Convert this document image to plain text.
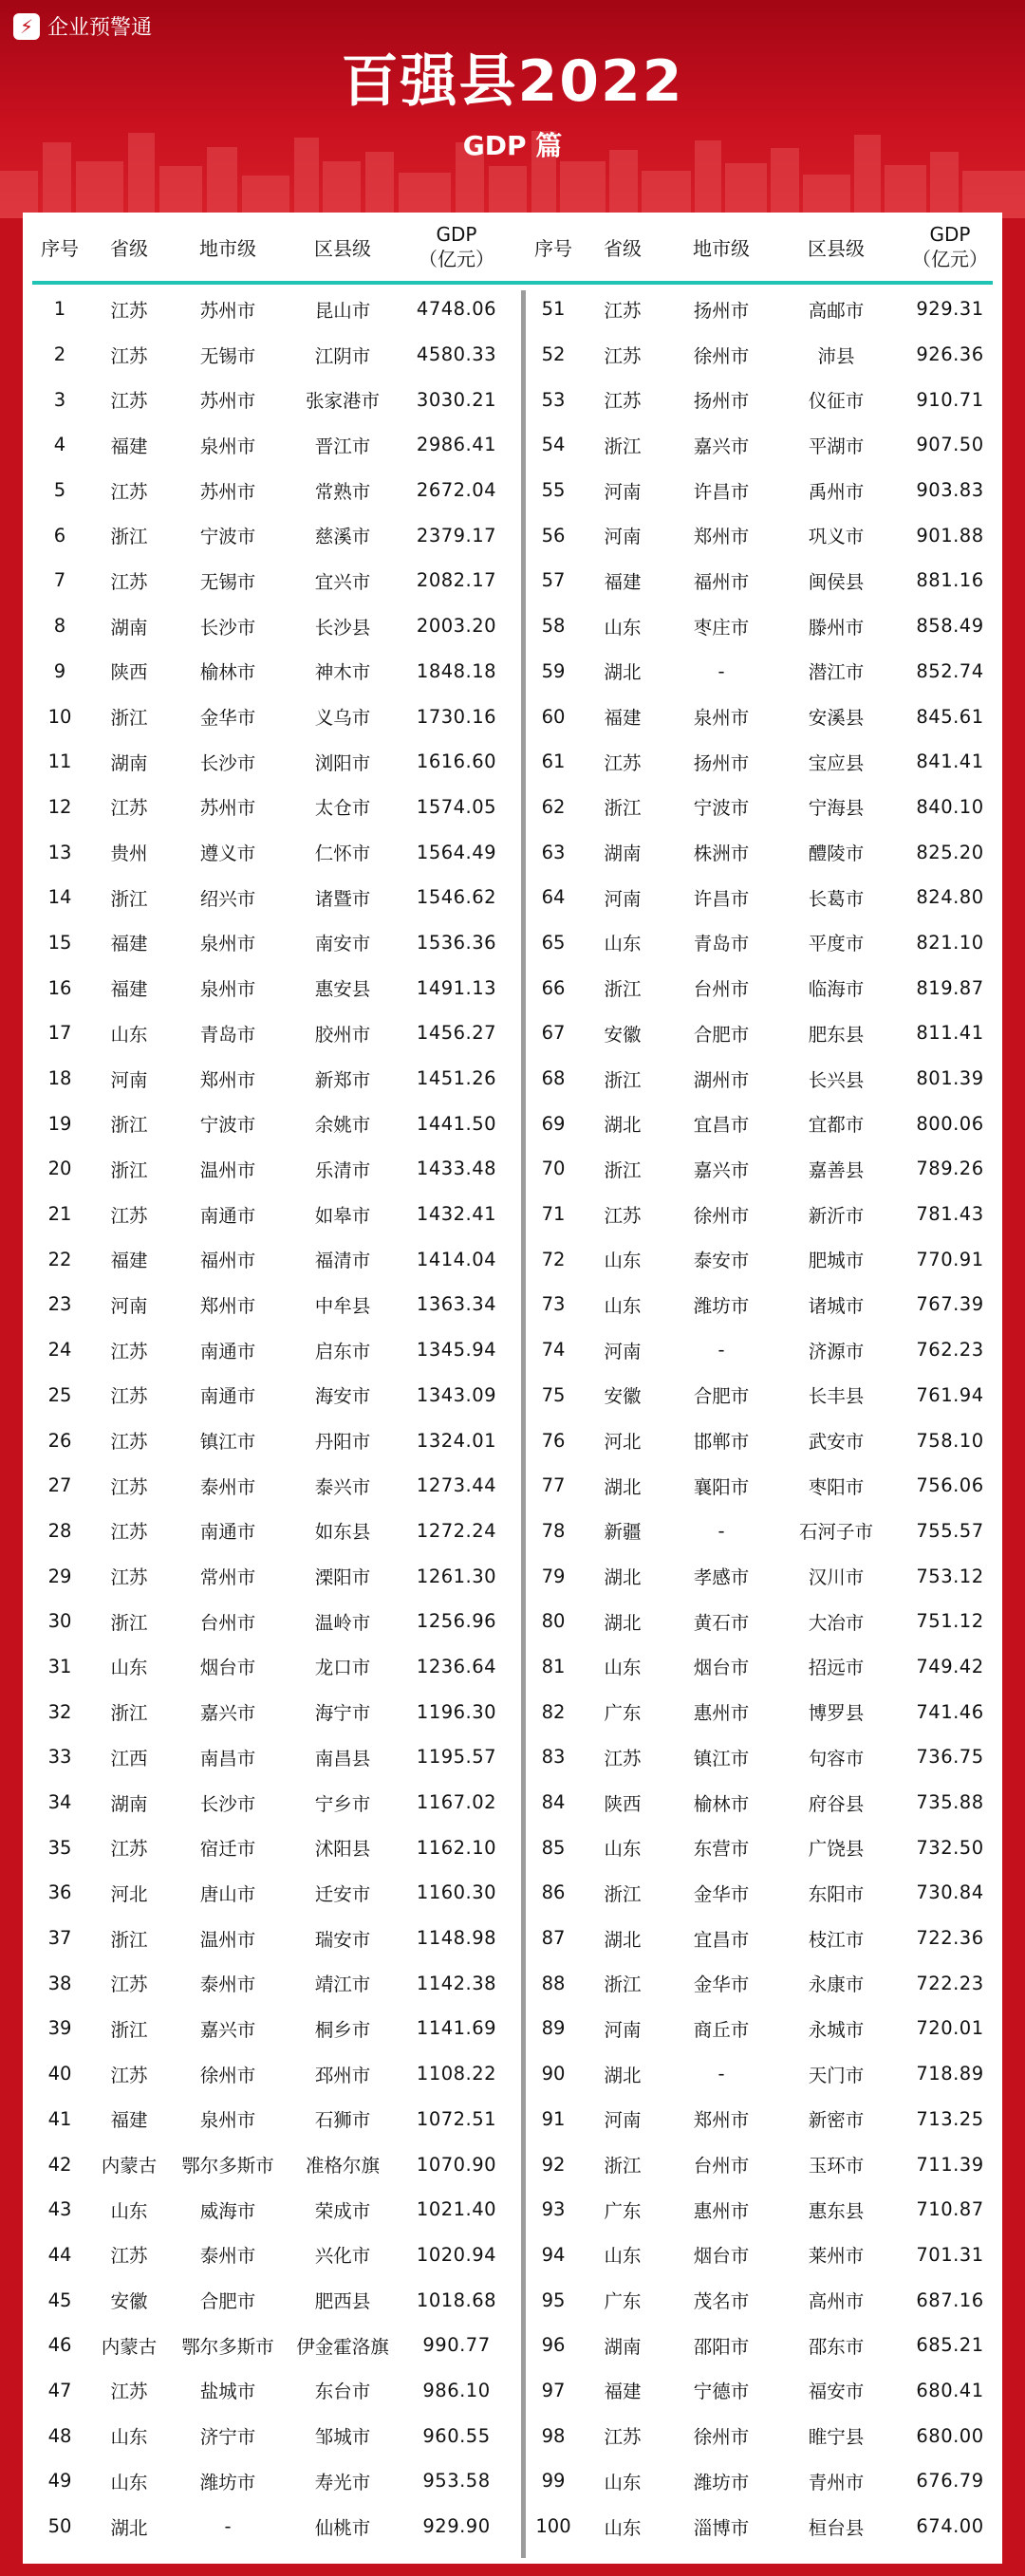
⚡ 企业预警通
百强县2022
GDP 篇
序号	省级	地市级	区县级
GDP
（亿元）
1	江苏	苏州市	昆山市	4748.06
2	江苏	无锡市	江阴市	4580.33
3	江苏	苏州市	张家港市	3030.21
4	福建	泉州市	晋江市	2986.41
5	江苏	苏州市	常熟市	2672.04
6	浙江	宁波市	慈溪市	2379.17
7	江苏	无锡市	宜兴市	2082.17
8	湖南	长沙市	长沙县	2003.20
9	陕西	榆林市	神木市	1848.18
10	浙江	金华市	义乌市	1730.16
11	湖南	长沙市	浏阳市	1616.60
12	江苏	苏州市	太仓市	1574.05
13	贵州	遵义市	仁怀市	1564.49
14	浙江	绍兴市	诸暨市	1546.62
15	福建	泉州市	南安市	1536.36
16	福建	泉州市	惠安县	1491.13
17	山东	青岛市	胶州市	1456.27
18	河南	郑州市	新郑市	1451.26
19	浙江	宁波市	余姚市	1441.50
20	浙江	温州市	乐清市	1433.48
21	江苏	南通市	如皋市	1432.41
22	福建	福州市	福清市	1414.04
23	河南	郑州市	中牟县	1363.34
24	江苏	南通市	启东市	1345.94
25	江苏	南通市	海安市	1343.09
26	江苏	镇江市	丹阳市	1324.01
27	江苏	泰州市	泰兴市	1273.44
28	江苏	南通市	如东县	1272.24
29	江苏	常州市	溧阳市	1261.30
30	浙江	台州市	温岭市	1256.96
31	山东	烟台市	龙口市	1236.64
32	浙江	嘉兴市	海宁市	1196.30
33	江西	南昌市	南昌县	1195.57
34	湖南	长沙市	宁乡市	1167.02
35	江苏	宿迁市	沭阳县	1162.10
36	河北	唐山市	迁安市	1160.30
37	浙江	温州市	瑞安市	1148.98
38	江苏	泰州市	靖江市	1142.38
39	浙江	嘉兴市	桐乡市	1141.69
40	江苏	徐州市	邳州市	1108.22
41	福建	泉州市	石狮市	1072.51
42	内蒙古	鄂尔多斯市	准格尔旗	1070.90
43	山东	威海市	荣成市	1021.40
44	江苏	泰州市	兴化市	1020.94
45	安徽	合肥市	肥西县	1018.68
46	内蒙古	鄂尔多斯市	伊金霍洛旗	990.77
47	江苏	盐城市	东台市	986.10
48	山东	济宁市	邹城市	960.55
49	山东	潍坊市	寿光市	953.58
50	湖北	-	仙桃市	929.90
序号	省级	地市级	区县级
GDP
（亿元）
51	江苏	扬州市	高邮市	929.31
52	江苏	徐州市	沛县	926.36
53	江苏	扬州市	仪征市	910.71
54	浙江	嘉兴市	平湖市	907.50
55	河南	许昌市	禹州市	903.83
56	河南	郑州市	巩义市	901.88
57	福建	福州市	闽侯县	881.16
58	山东	枣庄市	滕州市	858.49
59	湖北	-	潜江市	852.74
60	福建	泉州市	安溪县	845.61
61	江苏	扬州市	宝应县	841.41
62	浙江	宁波市	宁海县	840.10
63	湖南	株洲市	醴陵市	825.20
64	河南	许昌市	长葛市	824.80
65	山东	青岛市	平度市	821.10
66	浙江	台州市	临海市	819.87
67	安徽	合肥市	肥东县	811.41
68	浙江	湖州市	长兴县	801.39
69	湖北	宜昌市	宜都市	800.06
70	浙江	嘉兴市	嘉善县	789.26
71	江苏	徐州市	新沂市	781.43
72	山东	泰安市	肥城市	770.91
73	山东	潍坊市	诸城市	767.39
74	河南	-	济源市	762.23
75	安徽	合肥市	长丰县	761.94
76	河北	邯郸市	武安市	758.10
77	湖北	襄阳市	枣阳市	756.06
78	新疆	-	石河子市	755.57
79	湖北	孝感市	汉川市	753.12
80	湖北	黄石市	大冶市	751.12
81	山东	烟台市	招远市	749.42
82	广东	惠州市	博罗县	741.46
83	江苏	镇江市	句容市	736.75
84	陕西	榆林市	府谷县	735.88
85	山东	东营市	广饶县	732.50
86	浙江	金华市	东阳市	730.84
87	湖北	宜昌市	枝江市	722.36
88	浙江	金华市	永康市	722.23
89	河南	商丘市	永城市	720.01
90	湖北	-	天门市	718.89
91	河南	郑州市	新密市	713.25
92	浙江	台州市	玉环市	711.39
93	广东	惠州市	惠东县	710.87
94	山东	烟台市	莱州市	701.31
95	广东	茂名市	高州市	687.16
96	湖南	邵阳市	邵东市	685.21
97	福建	宁德市	福安市	680.41
98	江苏	徐州市	睢宁县	680.00
99	山东	潍坊市	青州市	676.79
100	山东	淄博市	桓台县	674.00
